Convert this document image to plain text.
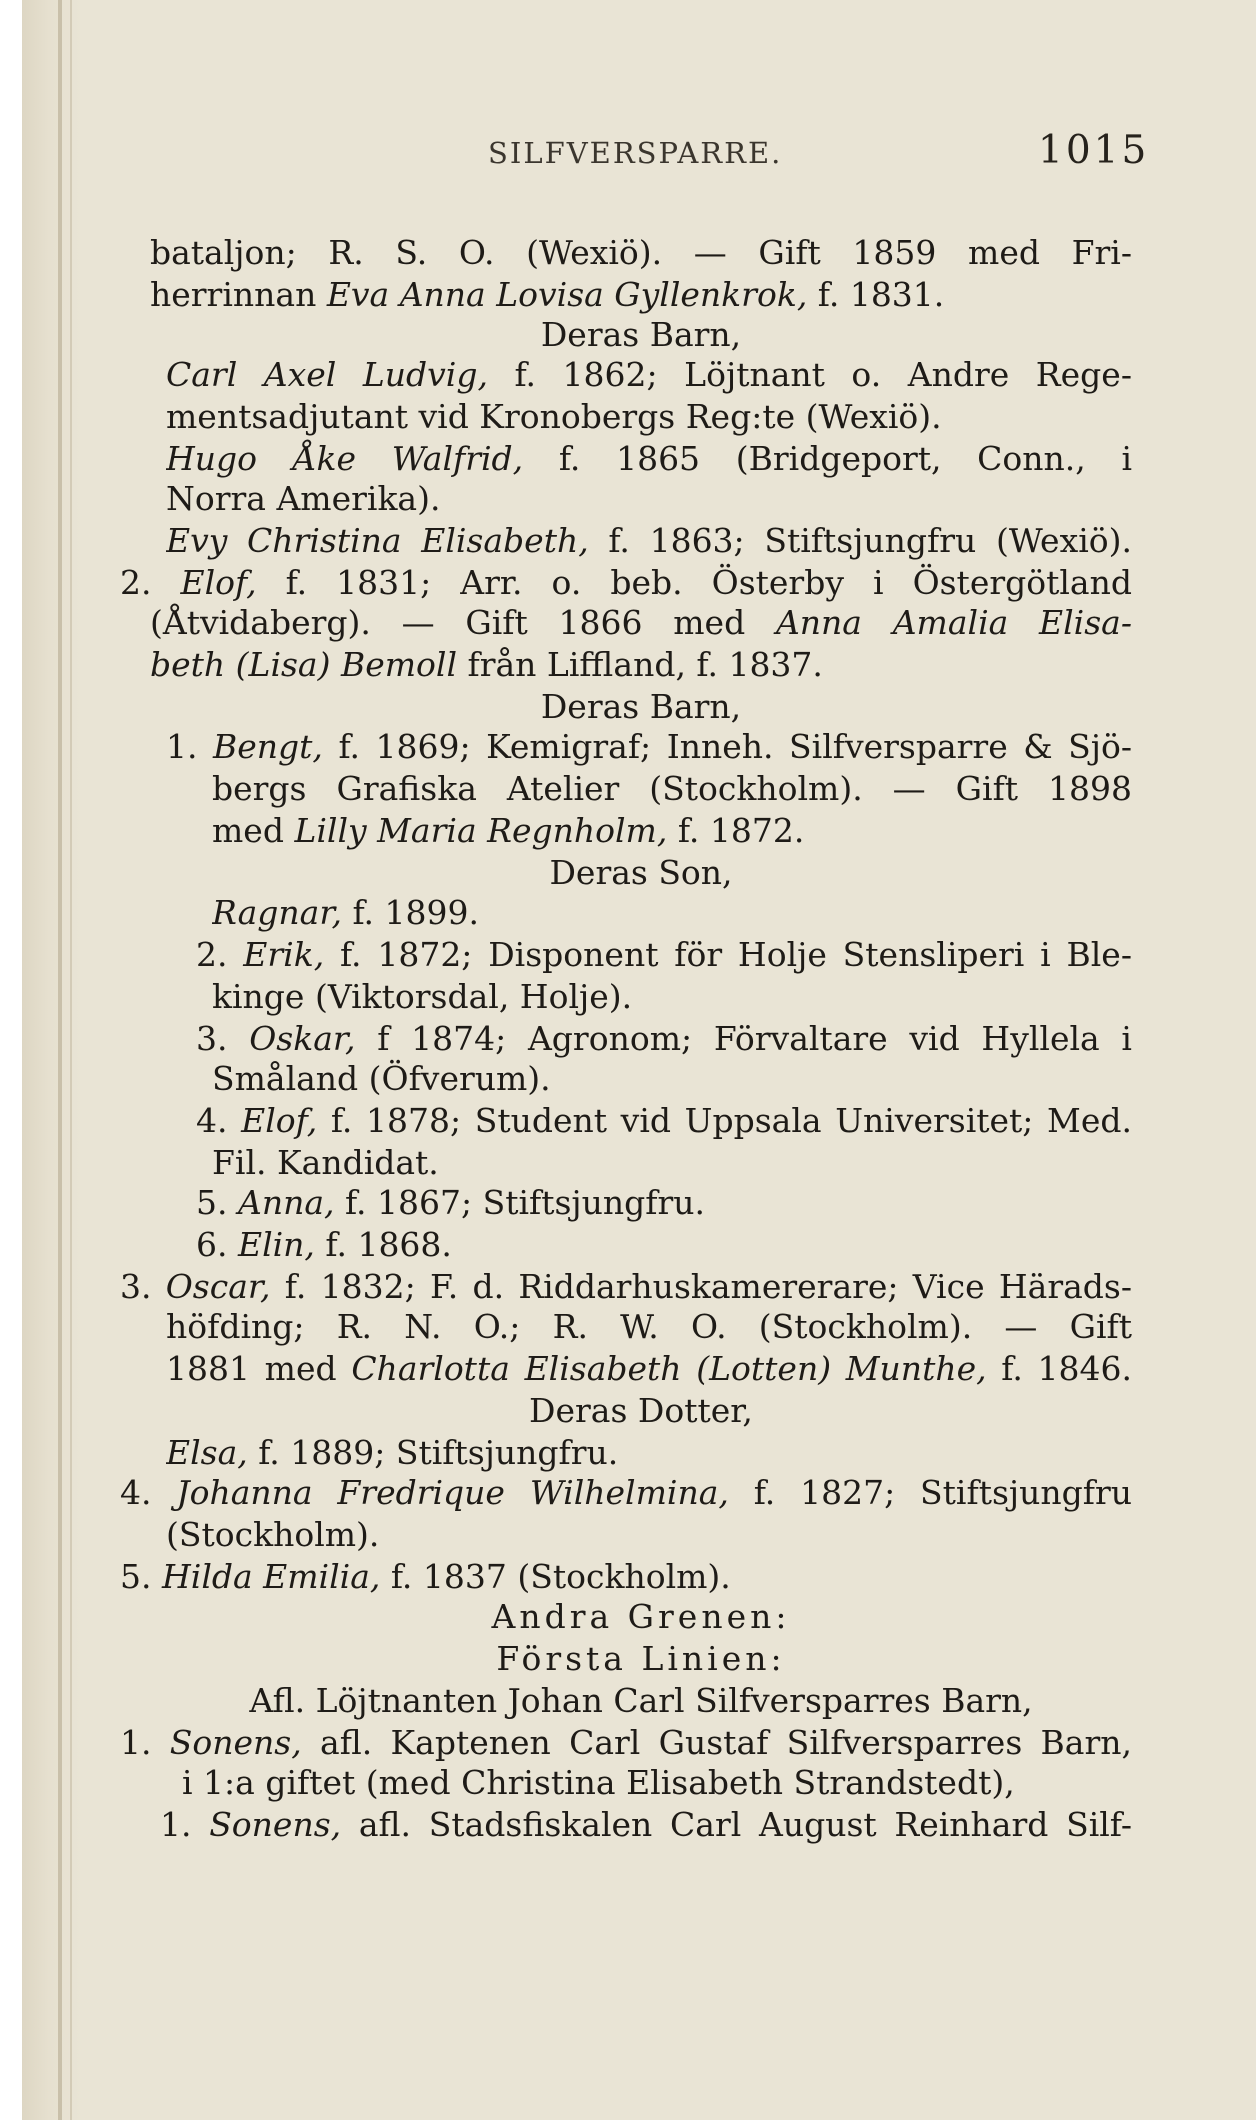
SILFVERSPARRE.	1015
bataljon; R. S. O. (Wexiö). — Gift 1859 med Fri-
herrinnan Eva Anna Lovisa Gyllenkrok, f. 1831.
Deras Barn,
Carl Axel Ludvig, f. 1862; Löjtnant o. Andre Rege-
mentsadjutant vid Kronobergs Reg:te (Wexiö).
Hugo Åke Walfrid, f. 1865 (Bridgeport, Conn., i
Norra Amerika).
Evy Christina Elisabeth, f. 1863; Stiftsjungfru (Wexiö).
2. Elof, f. 1831; Arr. o. beb. Österby i Östergötland
(Åtvidaberg). — Gift 1866 med Anna Amalia Elisa-
beth (Lisa) Bemoll från Liffland, f. 1837.
Deras Barn,
1. Bengt, f. 1869; Kemigraf; Inneh. Silfversparre & Sjö-
bergs Grafiska Atelier (Stockholm). — Gift 1898
med Lilly Maria Regnholm, f. 1872.
Deras Son,
Ragnar, f. 1899.
2. Erik, f. 1872; Disponent för Holje Stensliperi i Ble-
kinge (Viktorsdal, Holje).
3. Oskar, f 1874; Agronom; Förvaltare vid Hyllela i
Småland (Öfverum).
4. Elof, f. 1878; Student vid Uppsala Universitet; Med.
Fil. Kandidat.
5. Anna, f. 1867; Stiftsjungfru.
6. Elin, f. 1868.
3. Oscar, f. 1832; F. d. Riddarhuskamererare; Vice Härads-
höfding; R. N. O.; R. W. O. (Stockholm). — Gift
1881 med Charlotta Elisabeth (Lotten) Munthe, f. 1846.
Deras Dotter,
Elsa, f. 1889; Stiftsjungfru.
4. Johanna Fredrique Wilhelmina, f. 1827; Stiftsjungfru
(Stockholm).
5. Hilda Emilia, f. 1837 (Stockholm).
Andra Grenen:
Första Linien:
Afl. Löjtnanten Johan Carl Silfversparres Barn,
1. Sonens, afl. Kaptenen Carl Gustaf Silfversparres Barn,
i 1:a giftet (med Christina Elisabeth Strandstedt),
1. Sonens, afl. Stadsfiskalen Carl August Reinhard Silf-
